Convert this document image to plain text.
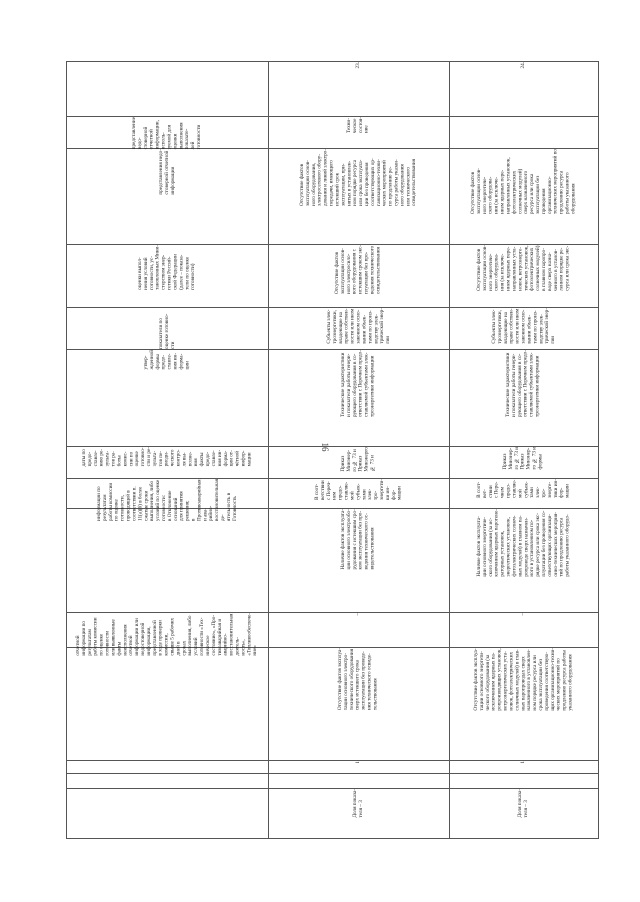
представление недо-
стоверной отчетной
информации, исполь-
зуемой для оценки
выполнения показате-
лей готовности
представления недо-
стоверной отчетной
информации
оценки выпол-
нения условий
готовности, ус-
тановленных Мини-
стерством энер-
гетики Россий-
ской Федерации
(далее – показа-
тели по оценке
готовности)
показатели по оценке готовно-
сти
утвер-
жденной
формы
предо-
ставле-
ния ин-
форма-
ции
даты по
предо-
ставле-
нию ре-
зульта-
тов ра-
боты
комис-
сии по
оценке
готовно-
сти и ре-
зульта-
тов пе-
риоди-
ческого
контро-
ля вы-
полне-
ния
факты
предо-
ставле-
ния ин-
форма-
ции от-
чётной
инфор-
мации
информации по результатам
работы комиссии по оценке
готовности, проводящей в
соответствии п. 11(а)(б) в более
сжатые сроки выполнения, либо
условий по оценке готовности:
в Отклонение оснований
для принятия решения;
в Противоаварийная и ава-
рийно-восстановительная де-
ятельность в Готовность
отчетной информации по
результатам работы комиссии
по оценке готовности
или выявленные факты
неисполнения отчетной
информации или недостоверной
информации, представленной
в ходе проверки комиссии,
свыше 5 рабочих дней в
сроках выполнения, либо
условий готовности «Тех-
ническое состояние», «Про-
тивоаварийная и аварийно-
восстановительная деятель-
ность», «Топливообеспече-
ние»
23.
Техни-
ческое
состоя-
ние
Отсутствие фактов
эксплуатации основ-
ного оборудования,
электросетевого обору-
дования и линий электро-
передачи, имеющего
истекший срок
эксплуатации, при-
нятых в установлен-
ном порядке ресурса
или срока эксплуата-
ции без проведения
соответствующих ор-
ганизационно-техни-
ческих мероприятий
по продлению ре-
сурса работы указан-
ного оборудования
или технического
освидетельствования
Отсутствие фактов
эксплуатации основ-
ного электросило-
вого оборудования с
истекшим сроком экс-
плуатации без про-
ведения технического
освидетельствования
Субъекты элек-
троэнергетики,
владеющие на
праве собствен-
ности или ином
законном осно-
вании объек-
тами по произ-
водству элек-
трической энер-
гии
Технические характеристики
и показатели работы генери-
рующего оборудования в со-
ответствии с Перечнем предо-
ставляемой субъектами элек-
троэнергетики информации
Приказ
Минэнер-
го № 73 и
Приказ
Минэнерго
№ 73 и
В соот-
ветствии
с Переч-
нем
предо-
ставляе-
мой
субъек-
тами
элек-
тро-
энергети-
ки ин-
фор-
мации
Наличие фактов эксплуата-
ции основного электрообо-
рудования с истекшим сро-
ком эксплуатации без про-
ведения технического ос-
видетельствования
–
Отсутствие фактов эксплуа-
тации основного электро-
технического оборудования
сверх истекшего срока
эксплуатации без проведе-
ния технического освиде-
тельствования
1
Доля показа-
теля – 3
24.
Отсутствие фактов
эксплуатации основ-
ного энергетиче-
ского оборудова-
ния (за исключе-
нием ядерных пере-
направленных установок,
фотоэлектрических
солнечных модулей)
сверх назначенного
ресурса или срока
эксплуатации без
проведения
организационно-
технических мероприятий по
продлению ресурса
работы указанного
оборудования
Отсутствие фактов
эксплуатации основ-
ного энергетиче-
ского оборудова-
ния (за исключе-
нием ядерных пере-
направленных уста-
новок, ветроэнерге-
тических установок,
фотоэлектрических
солнечных модулей)
в главном паропро-
воде сверх назна-
ченного в установ-
ленном порядке ре-
сурса или срока экс-
Субъекты элек-
троэнергетики,
владеющие на
праве собствен-
ности или ином
законном осно-
вании объек-
тами по произ-
водству элек-
трической энер-
гии
Технические характеристики
и показатели работы генери-
рующего оборудования в со-
ответствии с Перечнем предо-
ставляемой субъектами элек-
троэнергетики информации
Приказ
Минэнер-
го № 73 и
Приказ
Минэнер-
го № 73 и
формы
В соот-
вет-
ствии
с Пере-
чнем
предо-
ставляе-
мой
субъек-
тами
элек-
тро-
энерге-
тики ин-
фор-
мации
Наличие фактов эксплуата-
ции основного энергетиче-
ского оборудования (за ис-
ключением ядерных парогене-
раторных установок,
энергетических установок,
фотоэлектрических солнеч-
ных модулей) в главном па-
ропроводе сверх назначен-
ного в установленном по-
рядке ресурса или срока экс-
плуатации без проведения со-
ответствующих организаци-
онно-технических мероприя-
тий по продлению ресурса
работы указанного оборудо-
–
Отсутствие фактов эксплуа-
тации основного энергети-
ческого оборудования (за
исключением ядерных па-
ропроизводящих установок,
ветроэнергетических уста-
новок, фотоэлектрических
солнечных модулей) в глав-
ных паропроводах сверх
назначенного в установлен-
ном порядке ресурса или
срока эксплуатации без
проведения соответствую-
щих организационно-техни-
ческих мероприятий по
продлению ресурса работы
указанного оборудования
1
Доля показа-
теля – 3
16
